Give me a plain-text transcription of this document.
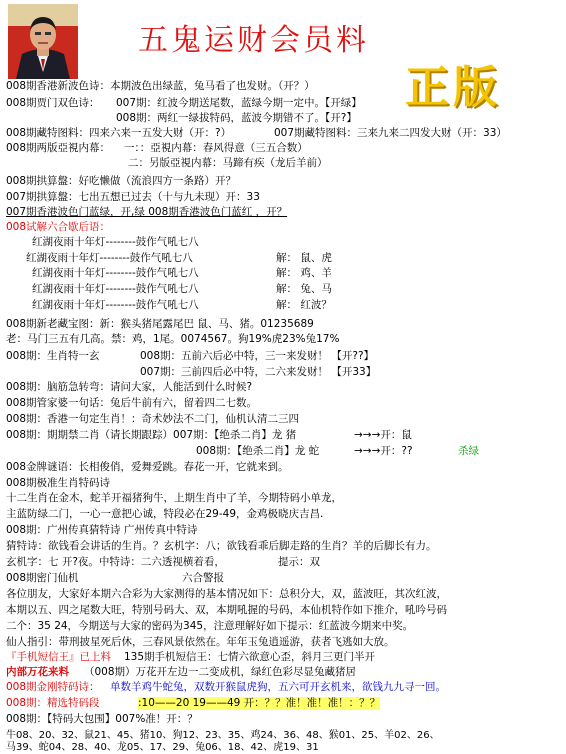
五鬼运财会员料
正版
008期香港新波色诗：本期波色出绿蓝，兔马看了也发财。（开？）
008期贾门双色诗： 007期：红波今期送尾数，蓝绿今期一定中。【开绿】
008期：两红一绿拔特码，蓝波今期错不了。【开?】
008期藏特图料：四来六来一五发大财（开：?）	007期藏特图料：三来九来二四发大财（开：33）
008期两版亞視内幕： 一：：亞視内幕：春风得意（三五合数）
二：另版亞視内幕：马蹄有疾（龙后羊前）
008期拱算盤：好吃懒做（流浪四方一条路）开？
007期拱算盤：七出五想已过去（十与九未现）开：33
007期香港波色门蓝绿，开,绿 008期香港波色门蓝红 ，开？
008试解六合歇后语：
红湖夜雨十年灯--------鼓作气吼七八
红湖夜雨十年灯--------鼓作气吼七八	解： 鼠、虎
红湖夜雨十年灯--------鼓作气吼七八	解： 鸡、羊
红湖夜雨十年灯--------鼓作气吼七八	解： 兔、马
红湖夜雨十年灯--------鼓作气吼七八	解： 红波？
008期新老藏宝图：新：猴头猪尾露尾巴 鼠、马、猪。01235689
老：马门三五有几高。禁：鸡，1尾。0074567。狗19%虎23%兔17%
008期：生肖特一玄	008期：五前六后必中特，三一来发财！ 【开??】
007期：三前四后必中特，二六来发财！ 【开33】
008期：脑筋急转弯：请问大家，人能活到什么时候?
008期管家婆一句话：兔后牛前有六，留着四二七数。
008期：香港一句定生肖！：奇术妙法不二门，仙机认清二三四
008期：期期禁二肖（请长期跟踪）007期：【绝杀二肖】龙 猪	→→→开：鼠
008期：【绝杀二肖】龙 蛇	→→→开：??	杀绿
008金牌谜语：长相俊俏，爱舞爱跳。春花一开，它就来到。
008期极准生肖特码诗
十二生肖在金木，蛇羊开福猪狗牛，上期生肖中了羊，今期特码小单龙，
主蓝防绿二门，一心一意把心诚，特段必在29-49，金鸡极晓庆吉昌.
008期：广州传真猜特诗 广州传真中特诗
猜特诗：欲钱看会讲话的生肖。？玄机字：八；欲钱看乖后脚走路的生肖？羊的后脚长有力。
玄机字：七 开?夜。中特诗：二六透视横着看，	提示：双
008期密门仙机	六合警报
各位朋友，大家好本期六合彩为大家测得的基本情况如下：总积分大，双，蓝波旺，其次红波，
本期以五、四之尾数大旺，特别号码大、双，本期吼握的号码，本仙机特作如下推介，吼吟号码
二个：35 24，今期送与大家的密码为345，注意理解好如下提示：红蓝波今期来中奖。
仙人指引：带刑披星死后休，三春风景依然在。年年玉兔逍遥游，获者飞逃如大放。
『手机短信王』已上料 135期手机短信王：七情六欲意心歪，斜月三更门半开
内部万花来料 （008期）万花开左边一二变成机，绿红色彩尽显兔藏猪居
008期金刚特码诗： 单数羊鸡牛蛇兔，双数开猴鼠虎狗，五六可开玄机来，欲钱九九寻一回。
008期：精选特码段	:10——20 19——49 开：？？准！准！准！：？？
008期：【特码大包围】007%准！开：？
牛08、20、32、鼠21、45、猪10、狗12、23、35、鸡24、36、48、猴01、25、羊02、26、
马39、蛇04、28、40、龙05、17、29、兔06、18、42、虎19、31
